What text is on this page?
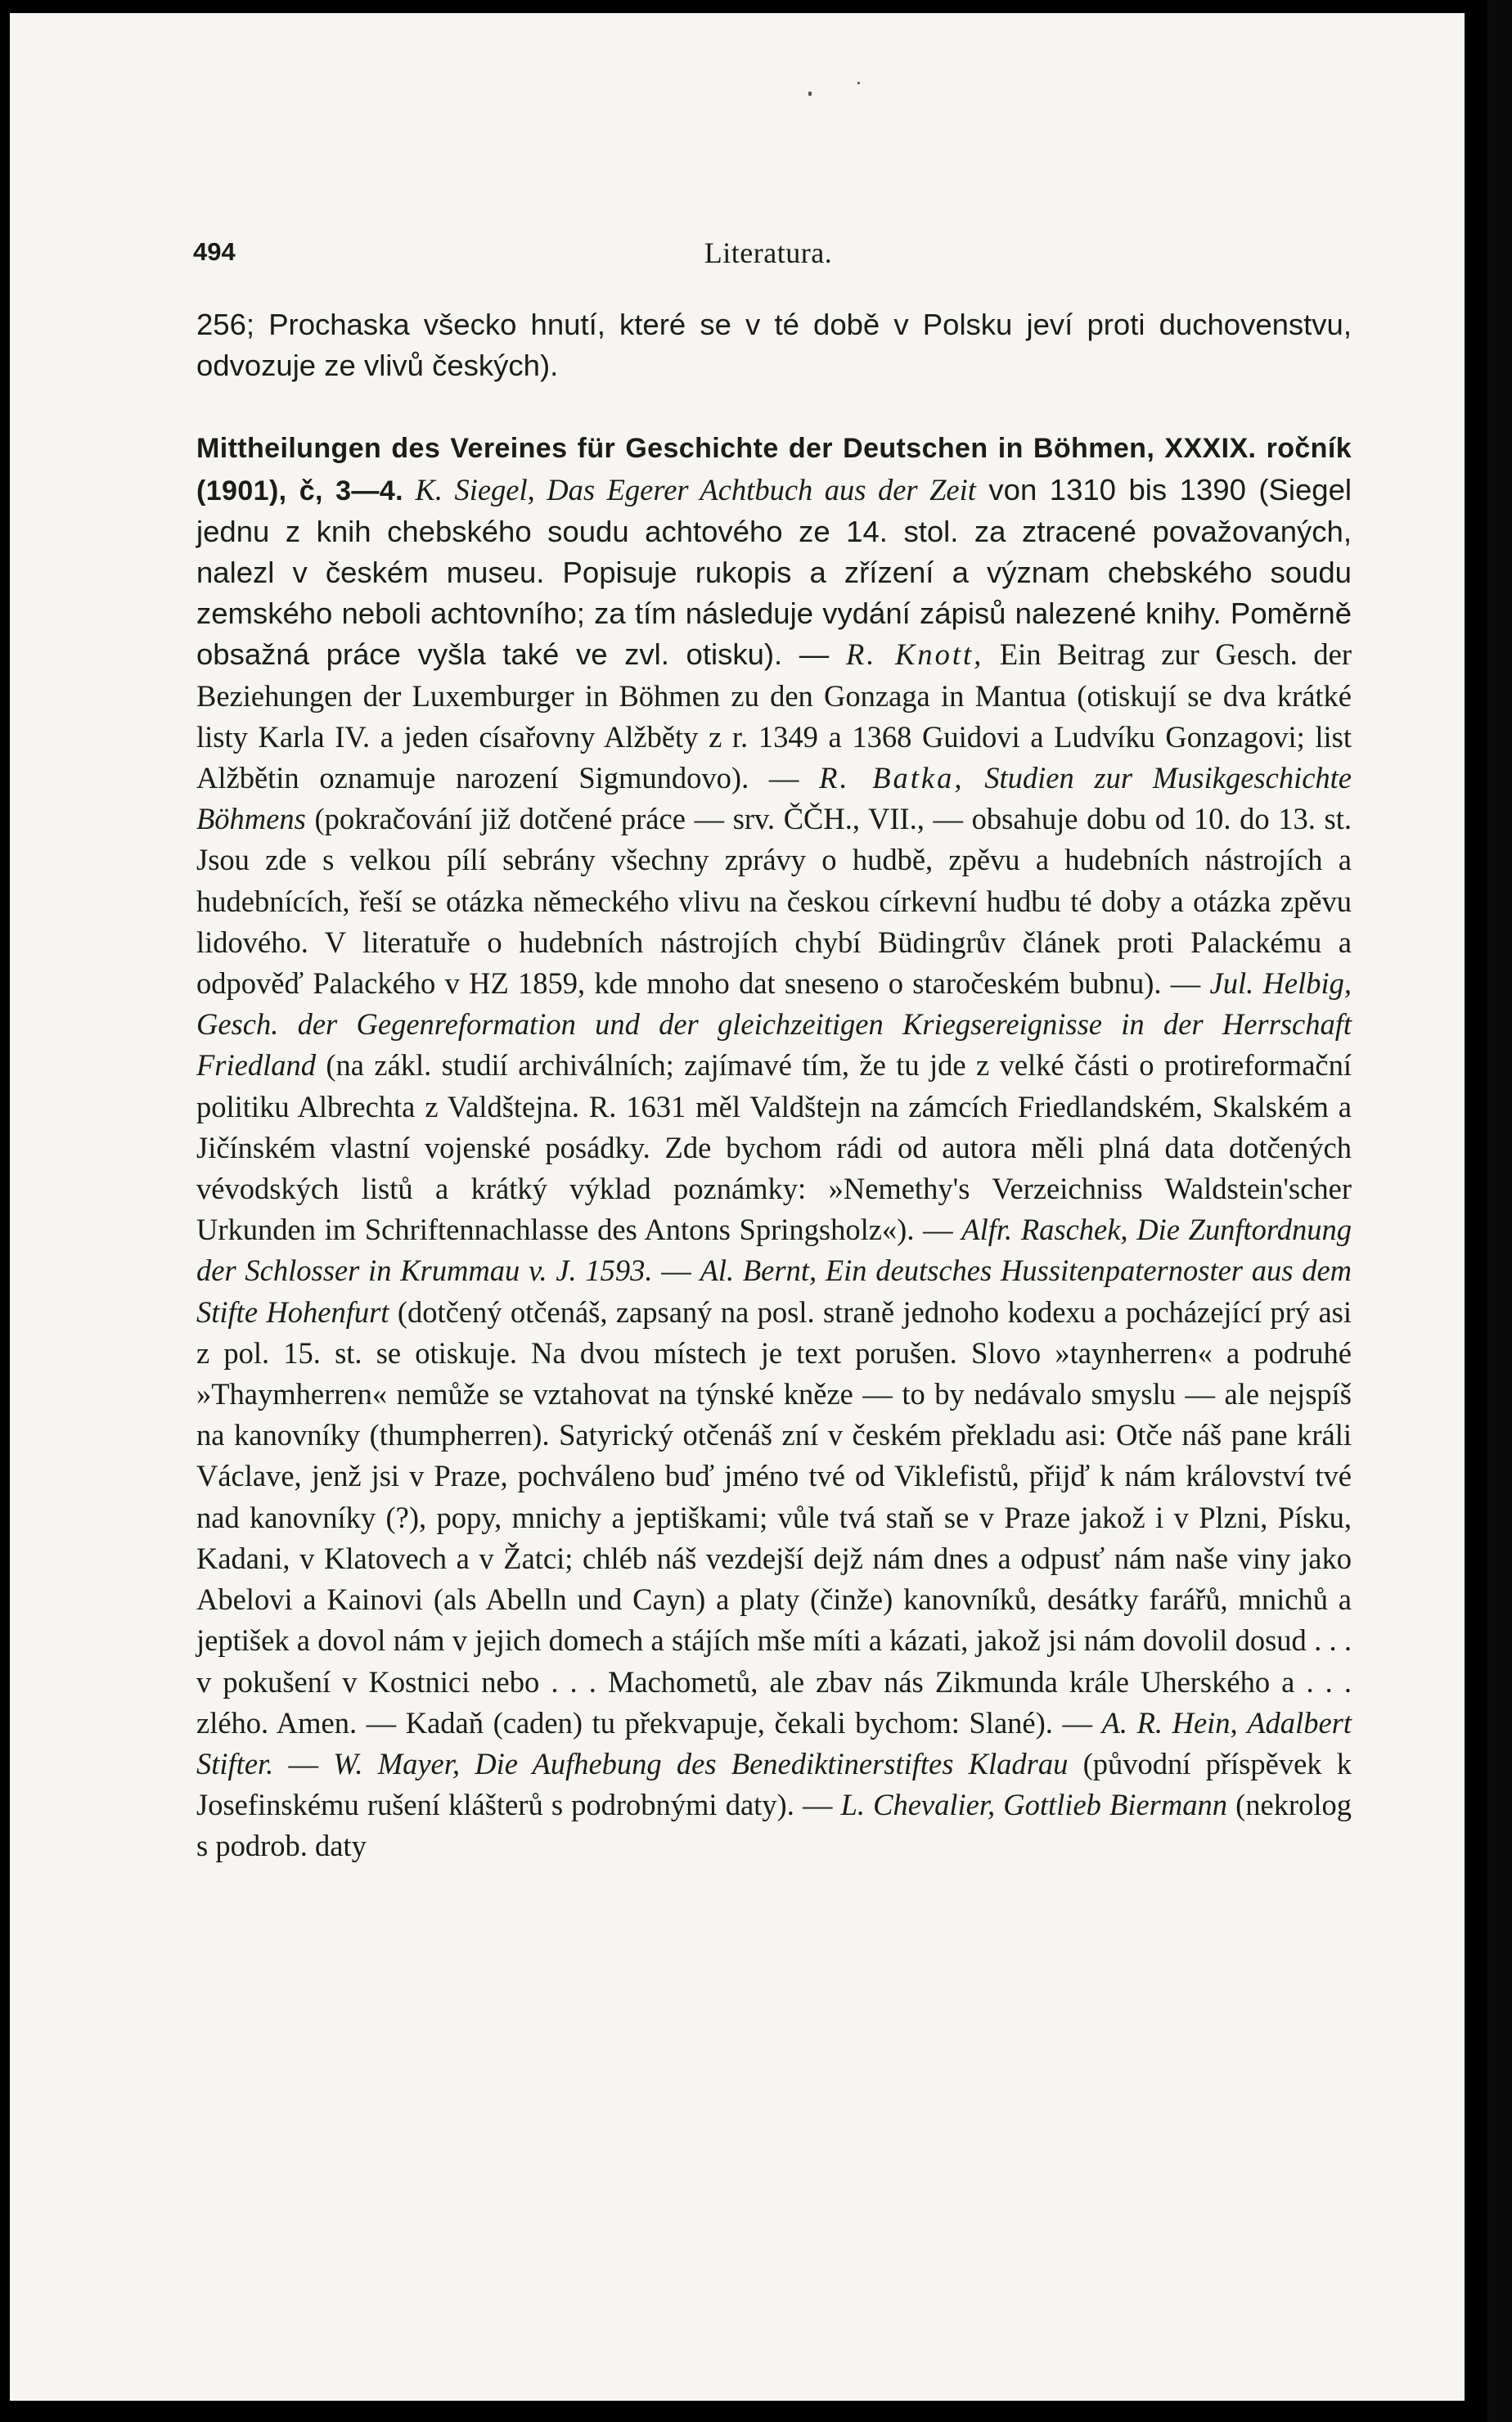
494	Literatura.

256; Prochaska všecko hnutí, které se v té době v Polsku jeví proti duchovenstvu, odvozuje ze vlivů českých).

Mittheilungen des Vereines für Geschichte der Deutschen in Böhmen, XXXIX. ročník (1901), č, 3—4. K. Siegel, Das Egerer Achtbuch aus der Zeit von 1310 bis 1390 (Siegel jednu z knih chebského soudu achtového ze 14. stol. za ztracené považovaných, nalezl v českém museu. Popisuje rukopis a zřízení a význam chebského soudu zemského neboli achtovního; za tím následuje vydání zápisů nalezené knihy. Poměrně obsažná práce vyšla také ve zvl. otisku). — R. Knott, Ein Beitrag zur Gesch. der Beziehungen der Luxemburger in Böhmen zu den Gonzaga in Mantua (otiskují se dva krátké listy Karla IV. a jeden císařovny Alžběty z r. 1349 a 1368 Guidovi a Ludvíku Gonzagovi; list Alžbětin oznamuje narození Sigmundovo). — R. Batka, Studien zur Musikgeschichte Böhmens (pokračování již dotčené práce — srv. ČČH., VII., — obsahuje dobu od 10. do 13. st. Jsou zde s velkou pílí sebrány všechny zprávy o hudbě, zpěvu a hudebních nástrojích a hudebnících, řeší se otázka německého vlivu na českou církevní hudbu té doby a otázka zpěvu lidového. V literatuře o hudebních nástrojích chybí Büdingrův článek proti Palackému a odpověď Palackého v HZ 1859, kde mnoho dat sneseno o staročeském bubnu). — Jul. Helbig, Gesch. der Gegenreformation und der gleichzeitigen Kriegsereignisse in der Herrschaft Friedland (na zákl. studií archiválních; zajímavé tím, že tu jde z velké části o protireformační politiku Albrechta z Valdštejna. R. 1631 měl Valdštejn na zámcích Friedlandském, Skalském a Jičínském vlastní vojenské posádky. Zde bychom rádi od autora měli plná data dotčených vévodských listů a krátký výklad poznámky: »Nemethy's Verzeichniss Waldstein'scher Urkunden im Schriftennachlasse des Antons Springsholz«). — Alfr. Raschek, Die Zunftordnung der Schlosser in Krummau v. J. 1593. — Al. Bernt, Ein deutsches Hussitenpaternoster aus dem Stifte Hohenfurt (dotčený otčenáš, zapsaný na posl. straně jednoho kodexu a pocházející prý asi z pol. 15. st. se otiskuje. Na dvou místech je text porušen. Slovo »taynherren« a podruhé »Thaymherren« nemůže se vztahovat na týnské kněze — to by nedávalo smyslu — ale nejspíš na kanovníky (thumpherren). Satyrický otčenáš zní v českém překladu asi: Otče náš pane králi Václave, jenž jsi v Praze, pochváleno buď jméno tvé od Viklefistů, přijď k nám království tvé nad kanovníky (?), popy, mnichy a jeptiškami; vůle tvá staň se v Praze jakož i v Plzni, Písku, Kadani, v Klatovech a v Žatci; chléb náš vezdejší dejž nám dnes a odpusť nám naše viny jako Abelovi a Kainovi (als Abelln und Cayn) a platy (činže) kanovníků, desátky farářů, mnichů a jeptišek a dovol nám v jejich domech a stájích mše míti a kázati, jakož jsi nám dovolil dosud . . . v pokušení v Kostnici nebo . . . Machometů, ale zbav nás Zikmunda krále Uherského a . . . zlého. Amen. — Kadaň (caden) tu překvapuje, čekali bychom: Slané). — A. R. Hein, Adalbert Stifter. — W. Mayer, Die Aufhebung des Benediktinerstiftes Kladrau (původní příspěvek k Josefinskému rušení klášterů s podrobnými daty). — L. Chevalier, Gottlieb Biermann (nekrolog s podrob. daty
